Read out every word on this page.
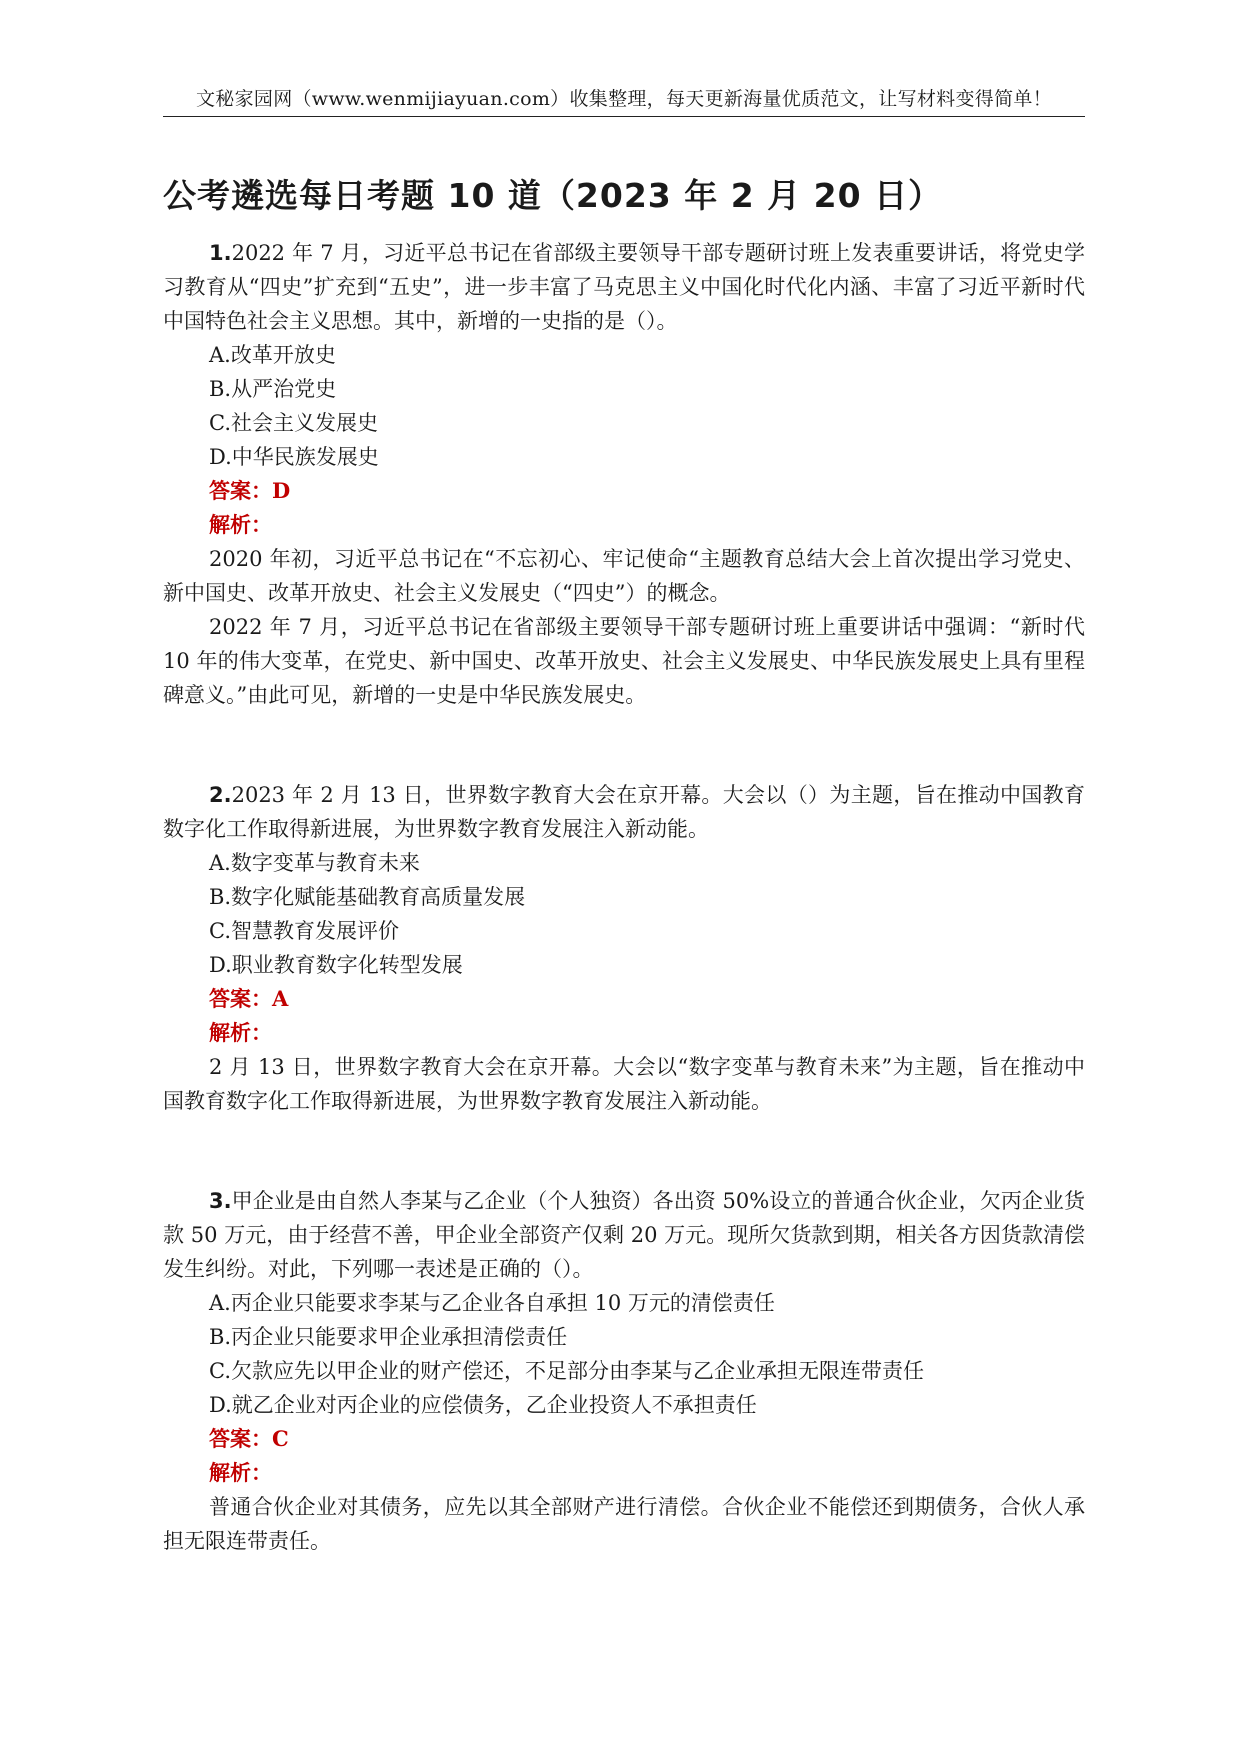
文秘家园网（www.wenmijiayuan.com）收集整理，每天更新海量优质范文，让写材料变得简单！
公考遴选每日考题 10 道（2023 年 2 月 20 日）
1.2022 年 7 月，习近平总书记在省部级主要领导干部专题研讨班上发表重要讲话，将党史学习教育从“四史”扩充到“五史”，进一步丰富了马克思主义中国化时代化内涵、丰富了习近平新时代中国特色社会主义思想。其中，新增的一史指的是（）。
A.改革开放史
B.从严治党史
C.社会主义发展史
D.中华民族发展史
答案：D
解析：
2020 年初，习近平总书记在“不忘初心、牢记使命“主题教育总结大会上首次提出学习党史、新中国史、改革开放史、社会主义发展史（“四史”）的概念。
2022 年 7 月，习近平总书记在省部级主要领导干部专题研讨班上重要讲话中强调：“新时代 10 年的伟大变革，在党史、新中国史、改革开放史、社会主义发展史、中华民族发展史上具有里程碑意义。”由此可见，新增的一史是中华民族发展史。
2.2023 年 2 月 13 日，世界数字教育大会在京开幕。大会以（）为主题，旨在推动中国教育数字化工作取得新进展，为世界数字教育发展注入新动能。
A.数字变革与教育未来
B.数字化赋能基础教育高质量发展
C.智慧教育发展评价
D.职业教育数字化转型发展
答案：A
解析：
2 月 13 日，世界数字教育大会在京开幕。大会以“数字变革与教育未来”为主题，旨在推动中国教育数字化工作取得新进展，为世界数字教育发展注入新动能。
3.甲企业是由自然人李某与乙企业（个人独资）各出资 50%设立的普通合伙企业，欠丙企业货款 50 万元，由于经营不善，甲企业全部资产仅剩 20 万元。现所欠货款到期，相关各方因货款清偿发生纠纷。对此，下列哪一表述是正确的（）。
A.丙企业只能要求李某与乙企业各自承担 10 万元的清偿责任
B.丙企业只能要求甲企业承担清偿责任
C.欠款应先以甲企业的财产偿还，不足部分由李某与乙企业承担无限连带责任
D.就乙企业对丙企业的应偿债务，乙企业投资人不承担责任
答案：C
解析：
普通合伙企业对其债务，应先以其全部财产进行清偿。合伙企业不能偿还到期债务，合伙人承担无限连带责任。
